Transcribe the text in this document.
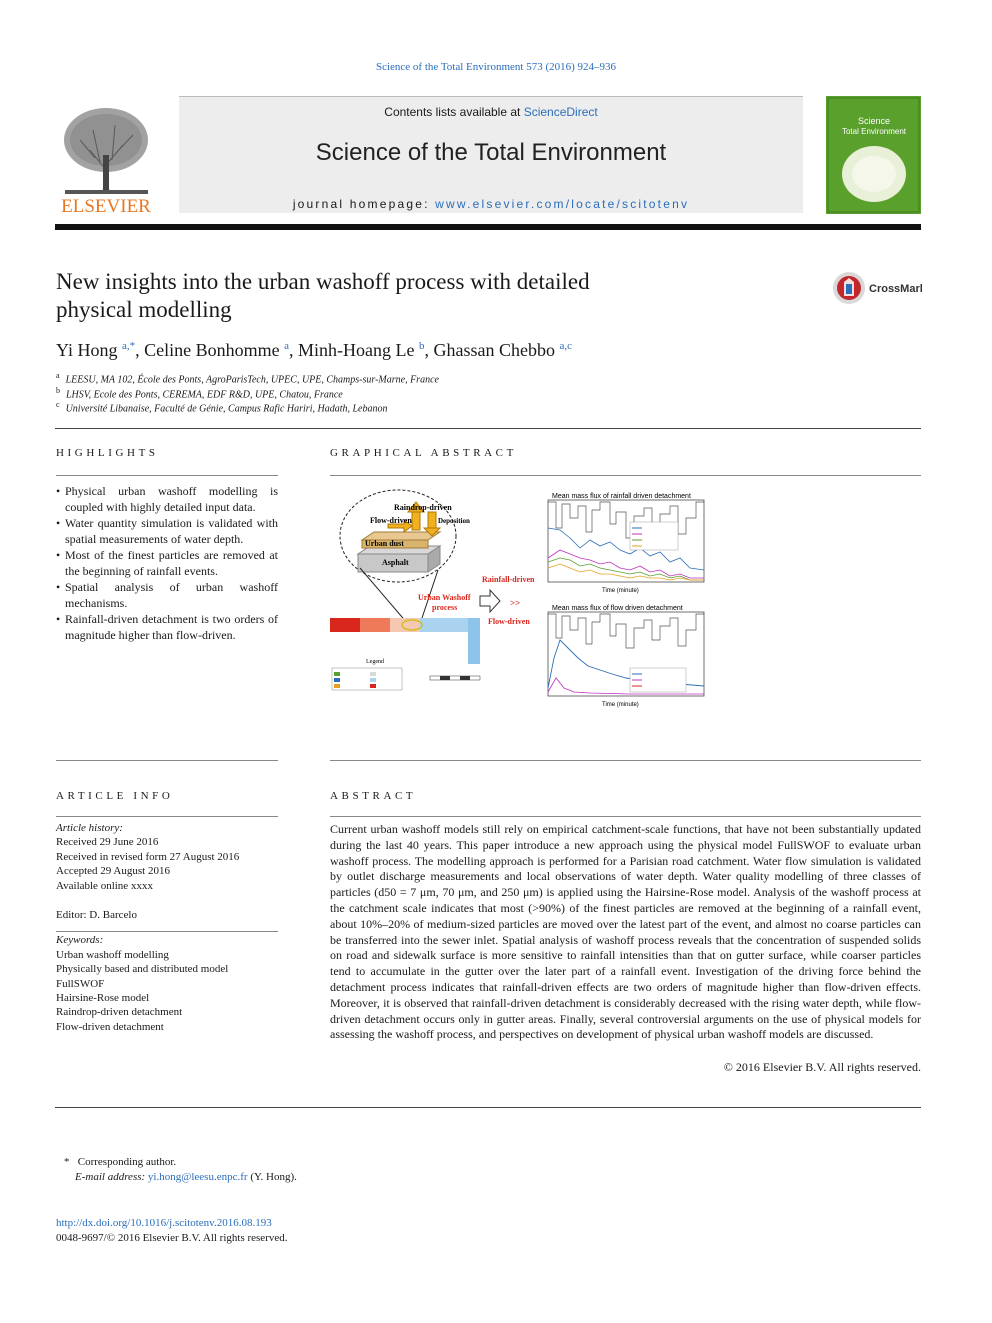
Science of the Total Environment 573 (2016) 924–936
ELSEVIER
Contents lists available at ScienceDirect
Science of the Total Environment
journal homepage: www.elsevier.com/locate/scitotenv
Science
Total Environment
New insights into the urban washoff process with detailed
physical modelling
CrossMark
Yi Hong $^{a,*}$, Celine Bonhomme $^a$, Minh-Hoang Le $^b$, Ghassan Chebbo $^{a,c}$
$^a$ LEESU, MA 102, École des Ponts, AgroParisTech, UPEC, UPE, Champs-sur-Marne, France
$^b$ LHSV, Ecole des Ponts, CEREMA, EDF R&D, UPE, Chatou, France
$^c$ Université Libanaise, Faculté de Génie, Campus Rafic Hariri, Hadath, Lebanon
HIGHLIGHTS
• Physical urban washoff modelling is coupled with highly detailed input data.
• Water quantity simulation is validated with spatial measurements of water depth.
• Most of the finest particles are removed at the beginning of rainfall events.
• Spatial analysis of urban washoff mechanisms.
• Rainfall-driven detachment is two orders of magnitude higher than flow-driven.
GRAPHICAL ABSTRACT
Raindrop-driven
Flow-driven	Deposition
Urban dust
Asphalt
Urban Washoff
process
Legend
Rainfall-driven
>>
Flow-driven
Mean mass flux of rainfall driven detachment
Time (minute)
Mean mass flux of flow driven detachment
Time (minute)
ARTICLE INFO
Article history:
Received 29 June 2016
Received in revised form 27 August 2016
Accepted 29 August 2016
Available online xxxx
Editor: D. Barcelo
Keywords:
Urban washoff modelling
Physically based and distributed model
FullSWOF
Hairsine-Rose model
Raindrop-driven detachment
Flow-driven detachment
ABSTRACT
Current urban washoff models still rely on empirical catchment-scale functions, that have not been substantially updated during the last 40 years. This paper introduce a new approach using the physical model FullSWOF to evaluate urban washoff process. The modelling approach is performed for a Parisian road catchment. Water flow simulation is validated by outlet discharge measurements and local observations of water depth. Water quality modelling of three classes of particles (d50 = 7 μm, 70 μm, and 250 μm) is applied using the Hairsine-Rose model. Analysis of the washoff process at the catchment scale indicates that most (>90%) of the finest particles are removed at the beginning of a rainfall event, about 10%–20% of medium-sized particles are moved over the latest part of the event, and almost no coarse particles can be transferred into the sewer inlet. Spatial analysis of washoff process reveals that the concentration of suspended solids on road and sidewalk surface is more sensitive to rainfall intensities than that on gutter surface, while coarser particles tend to accumulate in the gutter over the later part of a rainfall event. Investigation of the driving force behind the detachment process indicates that rainfall-driven effects are two orders of magnitude higher than flow-driven effects. Moreover, it is observed that rainfall-driven detachment is considerably decreased with the rising water depth, while flow-driven detachment occurs only in gutter areas. Finally, several controversial arguments on the use of physical models for assessing the washoff process, and perspectives on development of physical urban washoff models are discussed.
© 2016 Elsevier B.V. All rights reserved.
* Corresponding author.
E-mail address: yi.hong@leesu.enpc.fr (Y. Hong).
http://dx.doi.org/10.1016/j.scitotenv.2016.08.193
0048-9697/© 2016 Elsevier B.V. All rights reserved.
